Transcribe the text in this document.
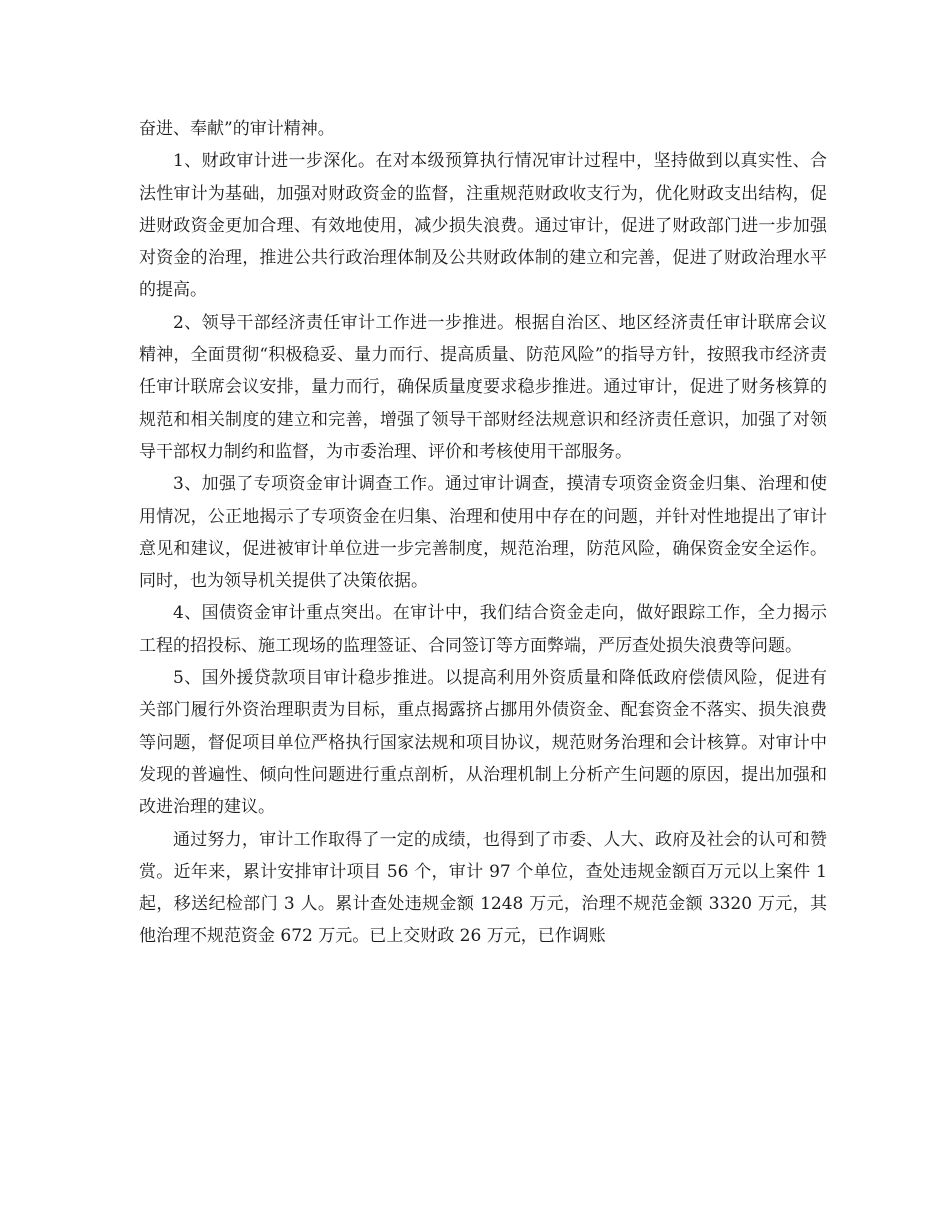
奋进、奉献”的审计精神。

1、财政审计进一步深化。在对本级预算执行情况审计过程中，坚持做到以真实性、合法性审计为基础，加强对财政资金的监督，注重规范财政收支行为，优化财政支出结构，促进财政资金更加合理、有效地使用，减少损失浪费。通过审计，促进了财政部门进一步加强对资金的治理，推进公共行政治理体制及公共财政体制的建立和完善，促进了财政治理水平的提高。

2、领导干部经济责任审计工作进一步推进。根据自治区、地区经济责任审计联席会议精神，全面贯彻“积极稳妥、量力而行、提高质量、防范风险”的指导方针，按照我市经济责任审计联席会议安排，量力而行，确保质量度要求稳步推进。通过审计，促进了财务核算的规范和相关制度的建立和完善，增强了领导干部财经法规意识和经济责任意识，加强了对领导干部权力制约和监督，为市委治理、评价和考核使用干部服务。

3、加强了专项资金审计调查工作。通过审计调查，摸清专项资金资金归集、治理和使用情况，公正地揭示了专项资金在归集、治理和使用中存在的问题，并针对性地提出了审计意见和建议，促进被审计单位进一步完善制度，规范治理，防范风险，确保资金安全运作。同时，也为领导机关提供了决策依据。

4、国债资金审计重点突出。在审计中，我们结合资金走向，做好跟踪工作，全力揭示工程的招投标、施工现场的监理签证、合同签订等方面弊端，严厉查处损失浪费等问题。

5、国外援贷款项目审计稳步推进。以提高利用外资质量和降低政府偿债风险，促进有关部门履行外资治理职责为目标，重点揭露挤占挪用外债资金、配套资金不落实、损失浪费等问题，督促项目单位严格执行国家法规和项目协议，规范财务治理和会计核算。对审计中发现的普遍性、倾向性问题进行重点剖析，从治理机制上分析产生问题的原因，提出加强和改进治理的建议。

通过努力，审计工作取得了一定的成绩，也得到了市委、人大、政府及社会的认可和赞赏。近年来，累计安排审计项目 56 个，审计 97 个单位，查处违规金额百万元以上案件 1 起，移送纪检部门 3 人。累计查处违规金额 1248 万元，治理不规范金额 3320 万元，其他治理不规范资金 672 万元。已上交财政 26 万元，已作调账
